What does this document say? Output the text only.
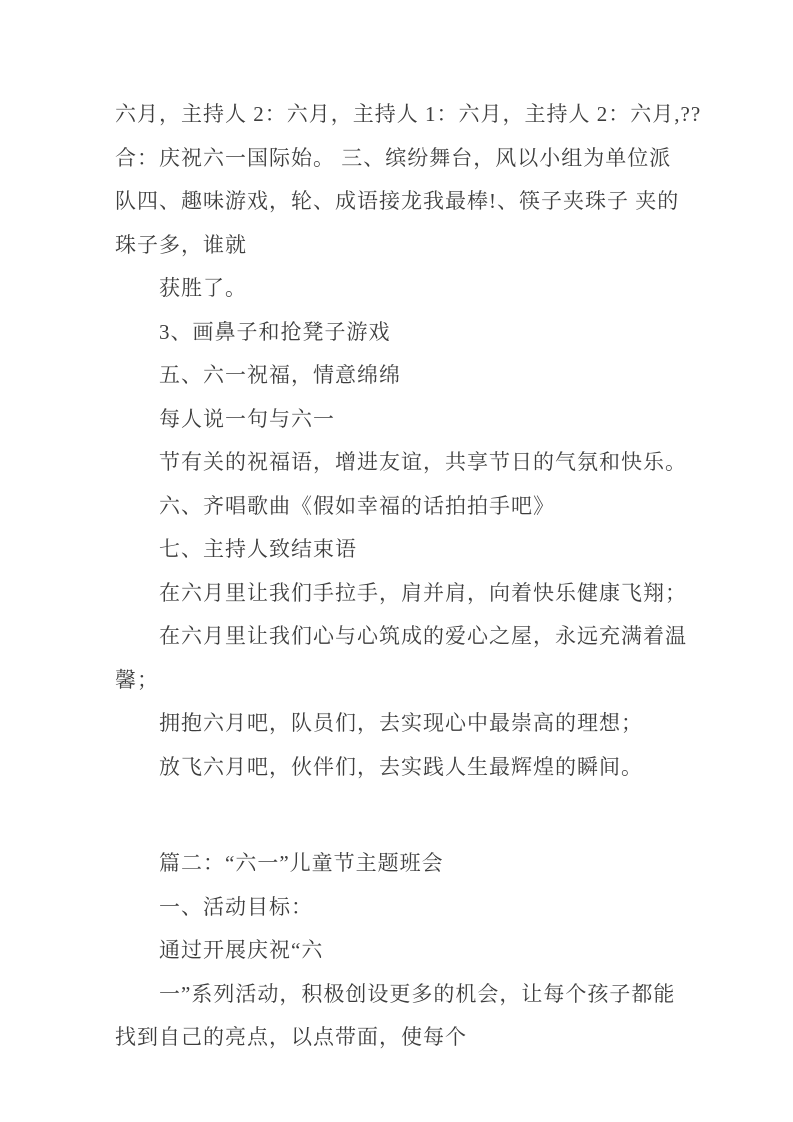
六月，主持人 2：六月，主持人 1：六月，主持人 2：六月,??
合：庆祝六一国际始。 三、缤纷舞台，风以小组为单位派
队四、趣味游戏，轮、成语接龙我最棒!、筷子夹珠子 夹的
珠子多，谁就
获胜了。
3、画鼻子和抢凳子游戏
五、六一祝福，情意绵绵
每人说一句与六一
节有关的祝福语，增进友谊，共享节日的气氛和快乐。
六、齐唱歌曲《假如幸福的话拍拍手吧》
七、主持人致结束语
在六月里让我们手拉手，肩并肩，向着快乐健康飞翔；
在六月里让我们心与心筑成的爱心之屋，永远充满着温
馨；
拥抱六月吧，队员们，去实现心中最崇高的理想；
放飞六月吧，伙伴们，去实践人生最辉煌的瞬间。
篇二：“六一”儿童节主题班会
一、活动目标：
通过开展庆祝“六
一”系列活动，积极创设更多的机会，让每个孩子都能
找到自己的亮点，以点带面，使每个
